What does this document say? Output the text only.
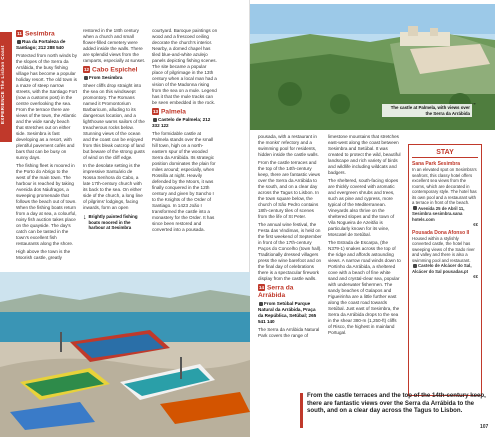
EXPERIENCE The Lisbon Coast
11 Sesimbra

Rua da Fortaleza de Santiago; 212 288 540

Protected from north winds by the slopes of the Serra da Arrábida, the busy fishing village has become a popular holiday resort. The old town is a maze of steep narrow streets, with the Santiago Fort (now a customs post) in the centre overlooking the sea. From the terrace there are views of the town, the Atlantic and the wide sandy beach that stretches out on either side. Sesimbra is fast developing as a resort, with plentiful pavement cafés and bars that can be busy on sunny days.

The fishing fleet is moored in the Porto do Abrigo to the west of the main town. The harbour is reached by taking Avenida dos Náufragos, a sweeping promenade that follows the beach out of town. When the fishing boats return from a day at sea, a colourful, noisy fish auction takes place on the quayside. The day's catch can be tasted in the town's excellent fish restaurants along the shore.

High above the town is the Moorish castle, greatly

restored in the 18th century when a church and small flower-filled cemetery were added inside the walls. There are splendid views from the ramparts, especially at sunset.

12 Cabo Espichel

From Sesimbra

Sheer cliffs drop straight into the sea on this windswept promontory. The Romans named it Promontorium Barbaricum, alluding to its dangerous location, and a lighthouse warns sailors of the treacherous rocks below. Stunning views of the ocean and the coast can be enjoyed from this bleak outcrop of land but beware of the strong gusts of wind on the cliff edge.

In the desolate setting is the impressive Santuário de Nossa Senhora do Cabo, a late 17th-century church with its back to the sea. On either side of the church, a long line of pilgrims' lodgings, facing inwards, form an open

↓ Brightly painted fishing boats moored in the harbour at Sesimbra

courtyard. Baroque paintings on wood and a frescoed ceiling decorate the church's interior. Nearby, a domed chapel has tiled blue-and-white azulejo panels depicting fishing scenes. The site became a popular place of pilgrimage in the 13th century when a local man had a vision of the Madonna rising from the sea on a mule. Legend has it that the mule tracks can be seen embedded in the rock.

13 Palmela

Castelo de Palmela; 212 332 122

The formidable castle at Palmela stands over the small hill town, high on a north-eastern spur of the wooded Serra da Arrábida. Its strategic position dominates the plain for miles around; especially, when Rossilla at night. Heavily defended by the Moors, it was finally conquered in the 12th century and given by Sancho I to the Knights of the Order of Santiago. In 1423 João I transformed the castle into a monastery for the Order. It has since been restored and converted into a pousada.

The castle at Palmela, with views over the Serra da Arrábida
→

pousada, with a restaurant in the monks' refectory and a swimming pool for residents, hidden inside the castle walls.

From the castle terraces and the top of the 14th-century keep, there are fantastic views over the Serra da Arrábida to the south, and on a clear day across the Tagus to Lisbon. In the town square below, the church of São Pedro contains 18th-century tiles of scenes from the life of St Peter.

The annual wine festival, the Festa das Vindimas, is held on the first weekend of September in front of the 17th-century Paços do Concelho (town hall). Traditionally dressed villagers press the wine barefoot and on the final day of celebrations there is a spectacular firework display from the castle walls.

14 Serra da Arrábida

From Setúbal Parque Natural da Arrábida, Praça da República, Setúbal; 265 541 140

The Serra da Arrábida Natural Park covers the range of

limestone mountains that stretches east-west along the coast between Sesimbra and Setúbal. It was created to protect the wild, beautiful landscape and rich variety of birds and wildlife including wildcats and badgers.

The sheltered, south-facing slopes are thickly covered with aromatic and evergreen shrubs and trees, such as pine and cypress, more typical of the Mediterranean. Vineyards also thrive on the sheltered slopes and the town of Vila Nogueira de Azeitão is particularly known for its wine, Moscatel de Setúbal.

The Estrada de Escarpa, (the N379-1) snakes across the top of the ridge and affords astounding views. A narrow road winds down to Portinho da Arrábida, a sheltered cove with a beach of fine white sand and crystal-clear sea, popular with underwater fishermen. The sandy beaches of Galapos and Figueirinha are a little further east along the coast road towards Setúbal. Just east of Sesimbra, the Serra da Arrábida drops to the sea in the shear 380-m (1,250-ft) cliffs of Risco, the highest in mainland Portugal.

107
STAY
Sana Park Sesimbra

In an elevated spot on Sesimbra's seafront, this classy hotel offers excellent sea views from the rooms, which are decorated in contemporary style. The hotel has its own pool and a restaurant with a terrace in front of the beach.

Avenida 25 de Abril 11, Sesimbra sesimbra.sana hotels.com

€€

Pousada Dona Afonso II

Housed within a stylishly converted castle, the hotel has sweeping views of the Sado river and valley and there is also a swimming pool and restaurant.

Castelo de Alcácer do Sal, Alcácer do Sal pousadas.pt

€€

From the castle terraces and the top of the 14th-century keep, there are fantastic views over the Serra da Arrábida to the south, and on a clear day across the Tagus to Lisbon.
